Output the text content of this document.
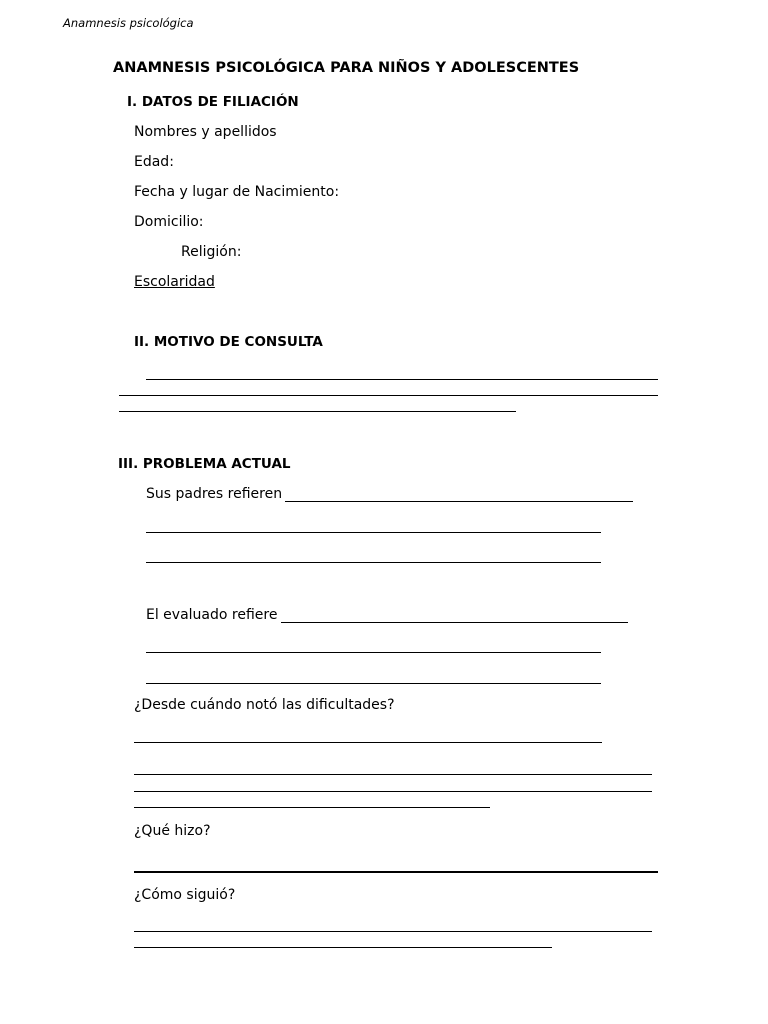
Anamnesis psicológica
ANAMNESIS PSICOLÓGICA PARA NIÑOS Y ADOLESCENTES
I. DATOS DE FILIACIÓN
Nombres y apellidos
Edad:
Fecha y lugar de Nacimiento:
Domicilio:
Religión:
Escolaridad
II. MOTIVO DE CONSULTA
III. PROBLEMA ACTUAL
Sus padres refieren
El evaluado refiere
¿Desde cuándo notó las dificultades?
¿Qué hizo?
¿Cómo siguió?
